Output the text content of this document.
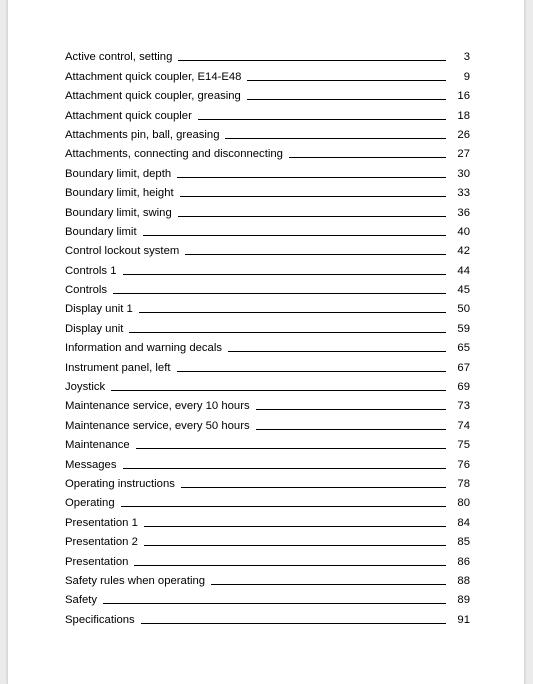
Active control, setting	3
Attachment quick coupler, E14-E48	9
Attachment quick coupler, greasing	16
Attachment quick coupler	18
Attachments pin, ball, greasing	26
Attachments, connecting and disconnecting	27
Boundary limit, depth	30
Boundary limit, height	33
Boundary limit, swing	36
Boundary limit	40
Control lockout system	42
Controls 1	44
Controls	45
Display unit 1	50
Display unit	59
Information and warning decals	65
Instrument panel, left	67
Joystick	69
Maintenance service, every 10 hours	73
Maintenance service, every 50 hours	74
Maintenance	75
Messages	76
Operating instructions	78
Operating	80
Presentation 1	84
Presentation 2	85
Presentation	86
Safety rules when operating	88
Safety	89
Specifications	91
